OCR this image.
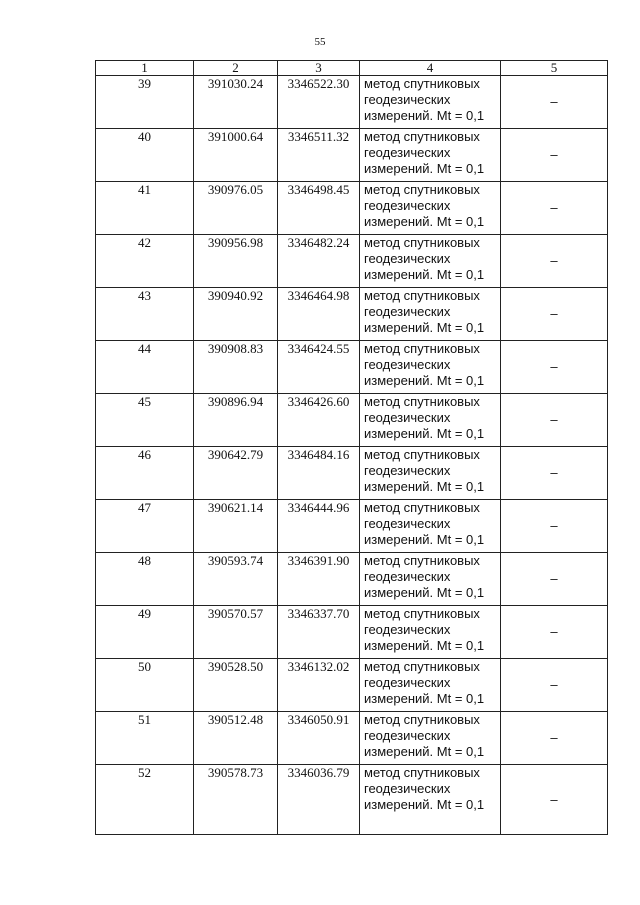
55
1	2	3	4	5
39	391030.24	3346522.30	метод спутниковых
геодезических
измерений. Mt = 0,1	–
40	391000.64	3346511.32	метод спутниковых
геодезических
измерений. Mt = 0,1	–
41	390976.05	3346498.45	метод спутниковых
геодезических
измерений. Mt = 0,1	–
42	390956.98	3346482.24	метод спутниковых
геодезических
измерений. Mt = 0,1	–
43	390940.92	3346464.98	метод спутниковых
геодезических
измерений. Mt = 0,1	–
44	390908.83	3346424.55	метод спутниковых
геодезических
измерений. Mt = 0,1	–
45	390896.94	3346426.60	метод спутниковых
геодезических
измерений. Mt = 0,1	–
46	390642.79	3346484.16	метод спутниковых
геодезических
измерений. Mt = 0,1	–
47	390621.14	3346444.96	метод спутниковых
геодезических
измерений. Mt = 0,1	–
48	390593.74	3346391.90	метод спутниковых
геодезических
измерений. Mt = 0,1	–
49	390570.57	3346337.70	метод спутниковых
геодезических
измерений. Mt = 0,1	–
50	390528.50	3346132.02	метод спутниковых
геодезических
измерений. Mt = 0,1	–
51	390512.48	3346050.91	метод спутниковых
геодезических
измерений. Mt = 0,1	–
52	390578.73	3346036.79	метод спутниковых
геодезических
измерений. Mt = 0,1	–
